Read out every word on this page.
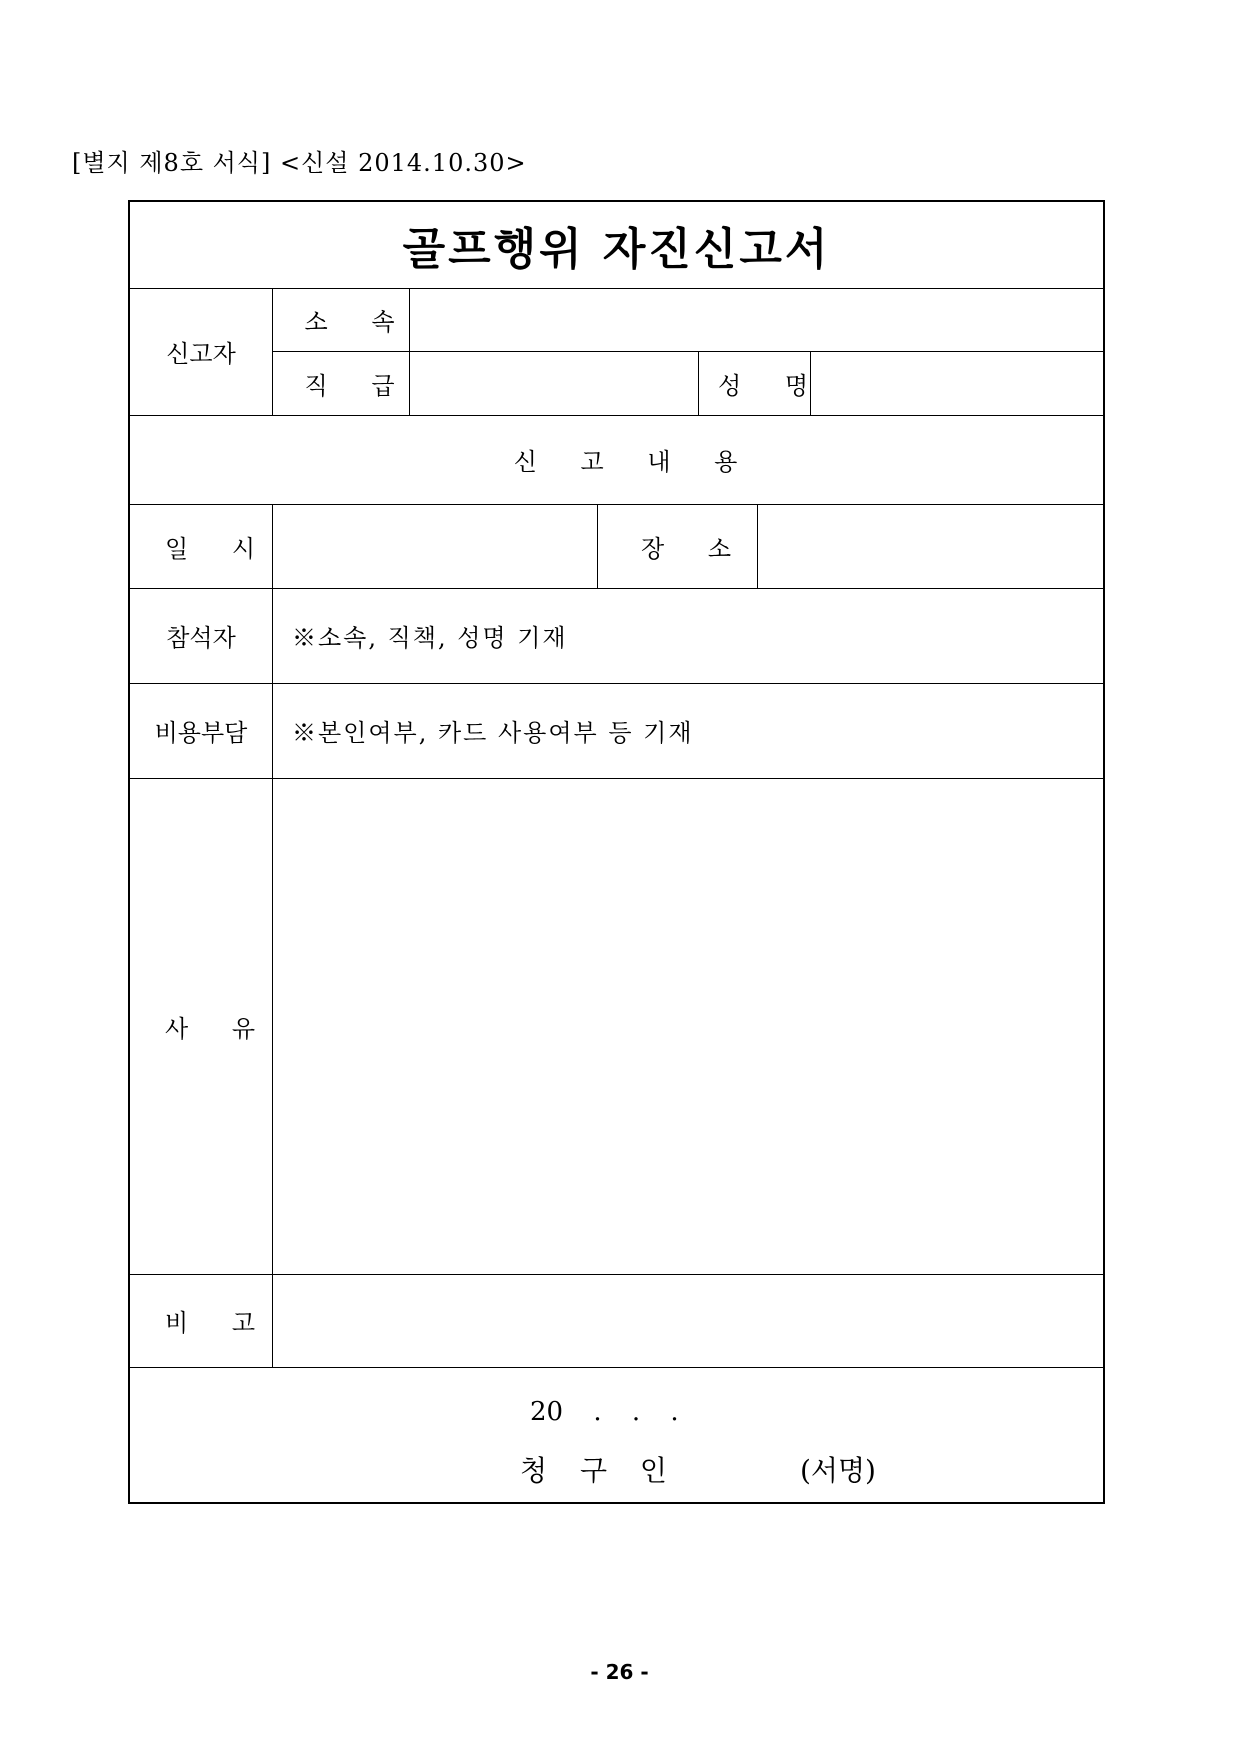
[별지 제8호 서식] <신설 2014.10.30>
골프행위 자진신고서
신고자
소 속
직 급	성 명
신 고 내 용
일 시	장 소
참석자	※소속, 직책, 성명 기재
비용부담	※본인여부, 카드 사용여부 등 기재
사 유
비 고
20 . . .
청 구 인	(서명)
- 26 -
